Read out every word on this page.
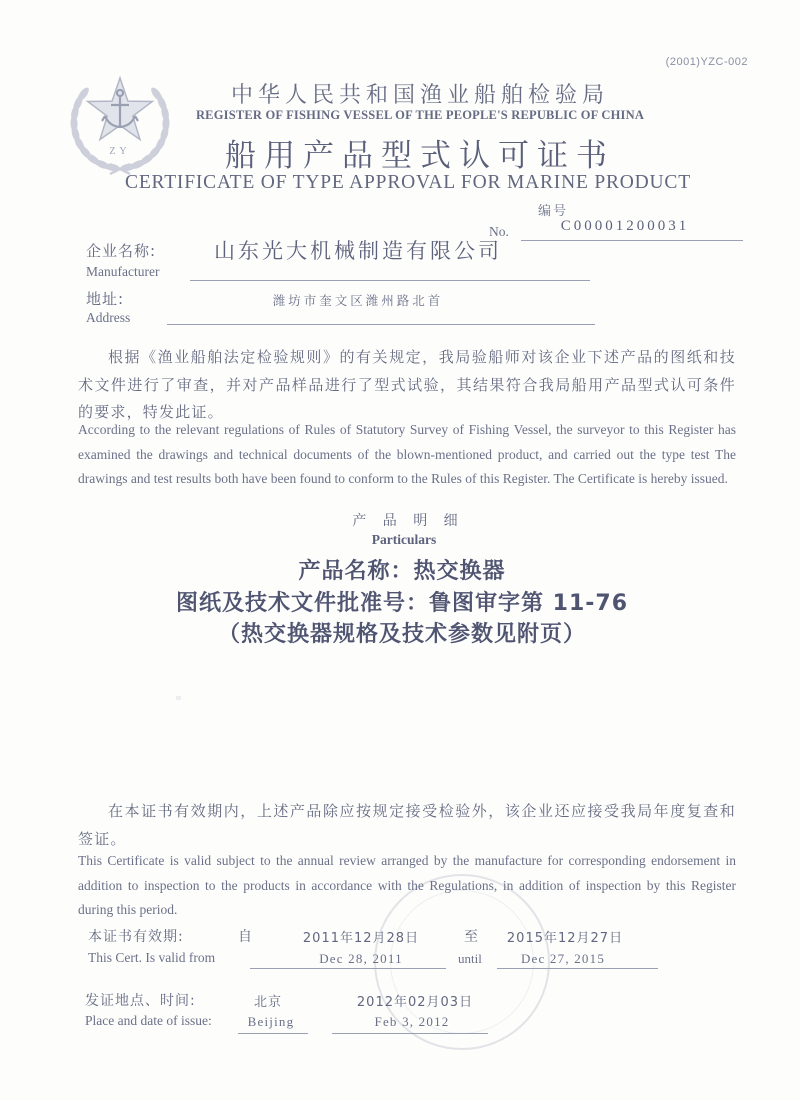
(2001)YZC-002
ZY
中华人民共和国渔业船舶检验局
REGISTER OF FISHING VESSEL OF THE PEOPLE'S REPUBLIC OF CHINA
船用产品型式认可证书
CERTIFICATE OF TYPE APPROVAL FOR MARINE PRODUCT
编号
No.	C00001200031
企业名称:	山东光大机械制造有限公司
Manufacturer
地址:	潍坊市奎文区潍州路北首
Address
根据《渔业船舶法定检验规则》的有关规定，我局验船师对该企业下述产品的图纸和技术文件进行了审查，并对产品样品进行了型式试验，其结果符合我局船用产品型式认可条件的要求，特发此证。
According to the relevant regulations of Rules of Statutory Survey of Fishing Vessel, the surveyor to this Register has examined the drawings and technical documents of the blown-mentioned product, and carried out the type test The drawings and test results both have been found to conform to the Rules of this Register. The Certificate is hereby issued.
产 品 明 细
Particulars
产品名称：热交换器
图纸及技术文件批准号：鲁图审字第 11-76
（热交换器规格及技术参数见附页）
在本证书有效期内，上述产品除应按规定接受检验外，该企业还应接受我局年度复查和签证。
This Certificate is valid subject to the annual review arranged by the manufacture for corresponding endorsement in addition to inspection to the products in accordance with the Regulations, in addition of inspection by this Register during this period.
本证书有效期:	自	2011年12月28日	至 2015年12月27日
This Cert. Is valid from	Dec 28, 2011	until	Dec 27, 2015
发证地点、时间:	北京	2012年02月03日
Place and date of issue:	Beijing	Feb 3, 2012
